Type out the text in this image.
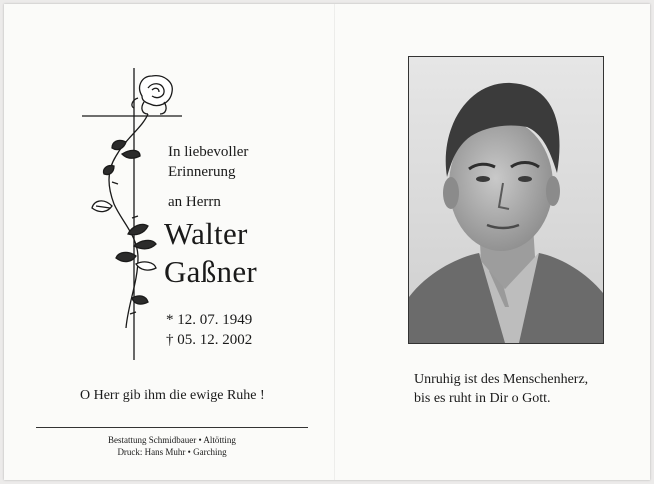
In liebevoller
Erinnerung
an Herrn
Walter
Gaßner
* 12. 07. 1949
† 05. 12. 2002
O Herr gib ihm die ewige Ruhe !
Bestattung Schmidbauer • Altötting
Druck: Hans Muhr • Garching
Unruhig ist des Menschenherz,
bis es ruht in Dir o Gott.
